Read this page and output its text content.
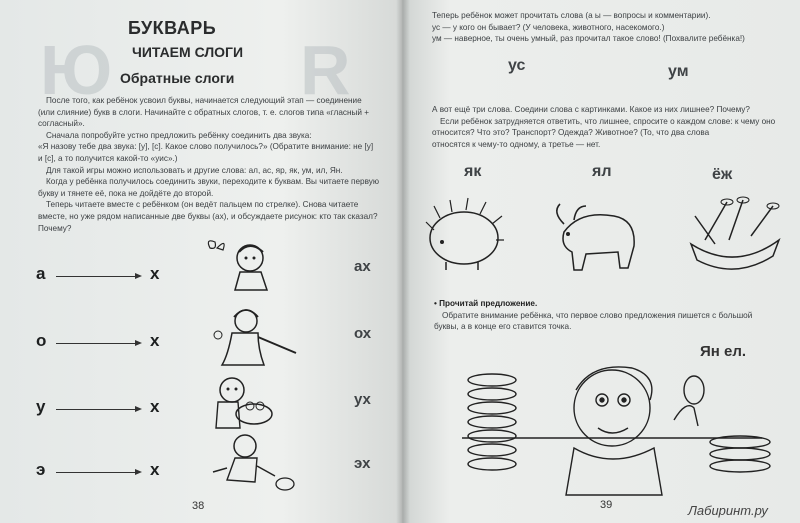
Ю	R
БУКВАРЬ
ЧИТАЕМ СЛОГИ
Обратные слоги
После того, как ребёнок усвоил буквы, начинается следующий этап — соединение
(или слияние) букв в слоги. Начинайте с обратных слогов, т. е. слогов типа «гласный +
согласный».
Сначала попробуйте устно предложить ребёнку соединить два звука:
«Я назову тебе два звука: [у], [с]. Какое слово получилось?» (Обратите внимание: не [у]
и [с], а то получится какой-то «уис».)
Для такой игры можно использовать и другие слова: ал, ас, яр, як, ум, ил, Ян.
Когда у ребёнка получилось соединить звуки, переходите к буквам. Вы читаете первую
букву и тянете её, пока не дойдёте до второй.
Теперь читаете вместе с ребёнком (он ведёт пальцем по стрелке). Снова читаете
вместе, но уже рядом написанные две буквы (ах), и обсуждаете рисунок: кто так сказал?
Почему?
а	х	ах
о	х	ох
у	х	ух
э	х	эх
38
Теперь ребёнок может прочитать слова (а ы — вопросы и комментарии).
ус — у кого он бывает? (У человека, животного, насекомого.)
ум — наверное, ты очень умный, раз прочитал такое слово! (Похвалите ребёнка!)
ус	ум
А вот ещё три слова. Соедини слова с картинками. Какое из них лишнее? Почему?
Если ребёнок затрудняется ответить, что лишнее, спросите о каждом слове: к чему оно
относится? Что это? Транспорт? Одежда? Животное? (То, что два слова
относятся к чему-то одному, а третье — нет.
як	ял	ёж
• Прочитай предложение.
Обратите внимание ребёнка, что первое слово предложения пишется с большой
буквы, а в конце его ставится точка.
Ян ел.
39	Лабиринт.ру
